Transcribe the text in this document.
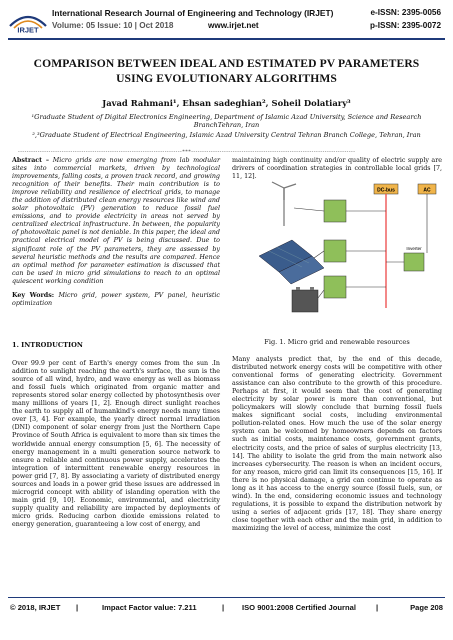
IRJET
International Research Journal of Engineering and Technology (IRJET)
Volume: 05 Issue: 10 | Oct 2018	www.irjet.net
e-ISSN: 2395-0056
p-ISSN: 2395-0072
COMPARISON BETWEEN IDEAL AND ESTIMATED PV PARAMETERS USING EVOLUTIONARY ALGORITHMS
Javad Rahmani¹, Ehsan sadeghian², Soheil Dolatiary³
¹Graduate Student of Digital Electronics Engineering, Department of Islamic Azad University, Science and Research BranchTehran, Iran
²,³Graduate Student of Electrical Engineering, Islamic Azad University Central Tehran Branch College, Tehran, Iran
---------------------------------------------------------------------------***---------------------------------------------------------------------------

Abstract – Micro grids are now emerging from lab modular sites into commercial markets, driven by technological improvements, falling costs, a proven track record, and growing recognition of their benefits. Their main contribution is to improve reliability and resilience of electrical grids, to manage the addition of distributed clean energy resources like wind and solar photovoltaic (PV) generation to reduce fossil fuel emissions, and to provide electricity in areas not served by centralized electrical infrastructure. In between, the popularity of photovoltaic panel is not deniable. In this paper, the ideal and practical electrical model of PV is being discussed. Due to significant role of the PV parameters, they are assessed by several heuristic methods and the results are compared. Hence an optimal method for parameter estimation is discussed that can be used in micro grid simulations to reach to an optimal quiescent working condition

Key Words: Micro grid, power system, PV panel, heuristic optimization

1. INTRODUCTION

Over 99.9 per cent of Earth's energy comes from the sun .In addition to sunlight reaching the earth's surface, the sun is the source of all wind, hydro, and wave energy as well as biomass and fossil fuels which originated from organic matter and represents stored solar energy collected by photosynthesis over many millions of years [1, 2]. Enough direct sunlight reaches the earth to supply all of humankind's energy needs many times over [3, 4]. For example, the yearly direct normal irradiation (DNI) component of solar energy from just the Northern Cape Province of South Africa is equivalent to more than six times the worldwide annual energy consumption [5, 6]. The necessity of energy management in a multi generation source network to ensure a reliable and continuous power supply, accelerates the integration of intermittent renewable energy resources in power grid [7, 8]. By associating a variety of distributed energy sources and loads in a power grid these issues are addressed in microgrid concept with ability of islanding operation with the main grid [9, 10]. Economic, environmental, and electricity supply quality and reliability are impacted by deployments of micro grids. Reducing carbon dioxide emissions related to energy generation, guaranteeing a low cost of energy, and

maintaining high continuity and/or quality of electric supply are drivers of coordination strategies in controllable local grids [7, 11, 12].

DC-bus	AC
Inverter
Fig. 1. Micro grid and renewable resources

Many analysts predict that, by the end of this decade, distributed network energy costs will be competitive with other conventional forms of generating electricity. Government assistance can also contribute to the growth of this procedure. Perhaps at first, it would seem that the cost of generating electricity by solar power is more than conventional, but policymakers will slowly conclude that burning fossil fuels makes significant social costs, including environmental pollution-related ones. How much the use of the solar energy system can be welcomed by homeowners depends on factors such as initial costs, maintenance costs, government grants, electricity costs, and the price of sales of surplus electricity [13, 14]. The ability to isolate the grid from the main network also increases cybersecurity. The reason is when an incident occurs, for any reason, micro grid can limit its consequences [15, 16]. If there is no physical damage, a grid can continue to operate as long as it has access to the energy source (fossil fuels, sun, or wind). In the end, considering economic issues and technology regulations, it is possible to expand the distribution network by using a series of adjacent grids [17, 18]. They share energy close together with each other and the main grid, in addition to maximizing the level of access, minimize the cost

© 2018, IRJET |	Impact Factor value: 7.211	| ISO 9001:2008 Certified Journal	|	Page 208
